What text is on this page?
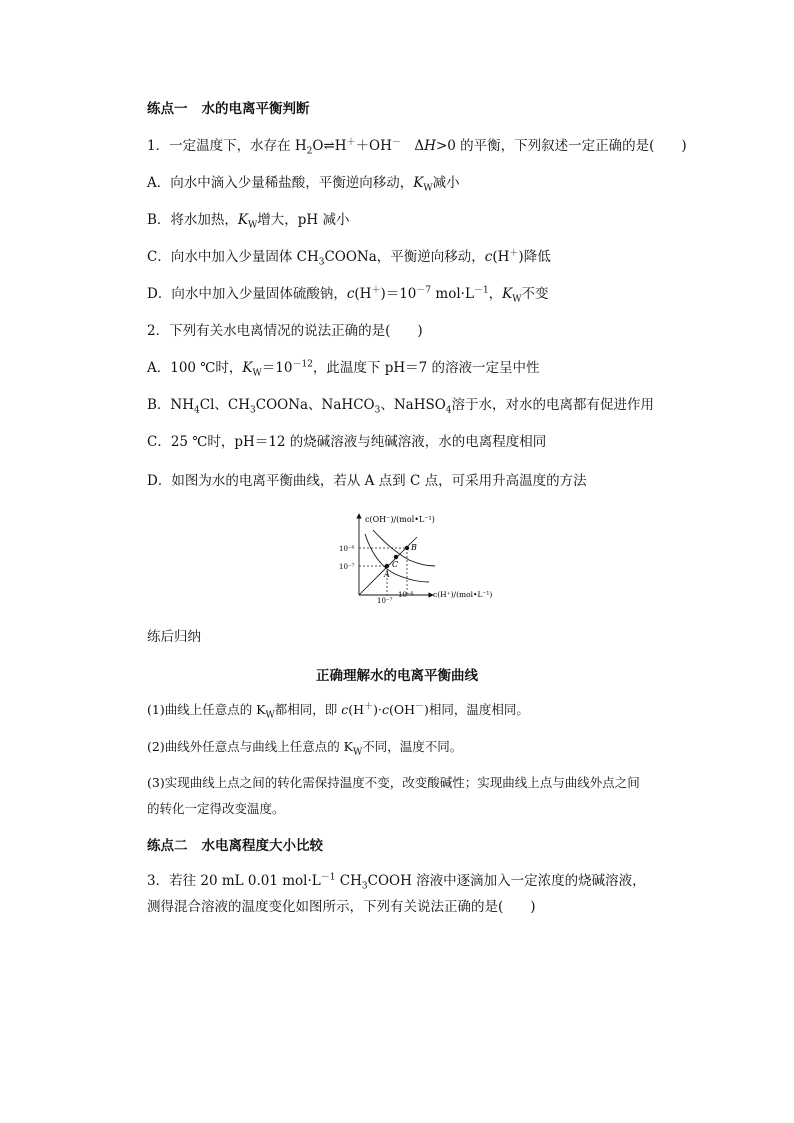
练点一 水的电离平衡判断
1．一定温度下，水存在 $H_2O\rightleftharpoons H^++OH^-$　ΔH>0 的平衡，下列叙述一定正确的是(　　)
A．向水中滴入少量稀盐酸，平衡逆向移动，$K_W$减小
B．将水加热，$K_W$增大，pH 减小
C．向水中加入少量固体 $CH_3COONa$，平衡逆向移动，c(H＋)降低
D．向水中加入少量固体硫酸钠，$c(H^+)=10^{-7}$ $mol\cdot L^{-1}$，$K_W$不变
2．下列有关水电离情况的说法正确的是(　　)
A．100 ℃时，$K_W=10^{-12}$，此温度下 pH＝7 的溶液一定呈中性
B．$NH_4Cl$、$CH_3COONa$、NaHCO$_3$、NaHSO$_4$溶于水，对水的电离都有促进作用
C．25 ℃时，pH＝12 的烧碱溶液与纯碱溶液，水的电离程度相同
D．如图为水的电离平衡曲线，若从 A 点到 C 点，可采用升高温度的方法
c(OH⁻)/(mol•L⁻¹)
c(H⁺)/(mol•L⁻¹)
10⁻⁶
10⁻⁷
10⁻⁷
10⁻⁶
A
B
C
练后归纳
正确理解水的电离平衡曲线
(1)曲线上任意点的 $K_W$都相同，即 c(H＋)·c(OH－)相同，温度相同。
(2)曲线外任意点与曲线上任意点的 $K_W$不同，温度不同。
(3)实现曲线上点之间的转化需保持温度不变，改变酸碱性；实现曲线上点与曲线外点之间的转化一定得改变温度。
练点二 水电离程度大小比较
3．若往 20 mL 0.01 $mol\cdot L^{-1}$ $CH_3COOH$ 溶液中逐滴加入一定浓度的烧碱溶液，测得混合溶液的温度变化如图所示，下列有关说法正确的是(　　)
